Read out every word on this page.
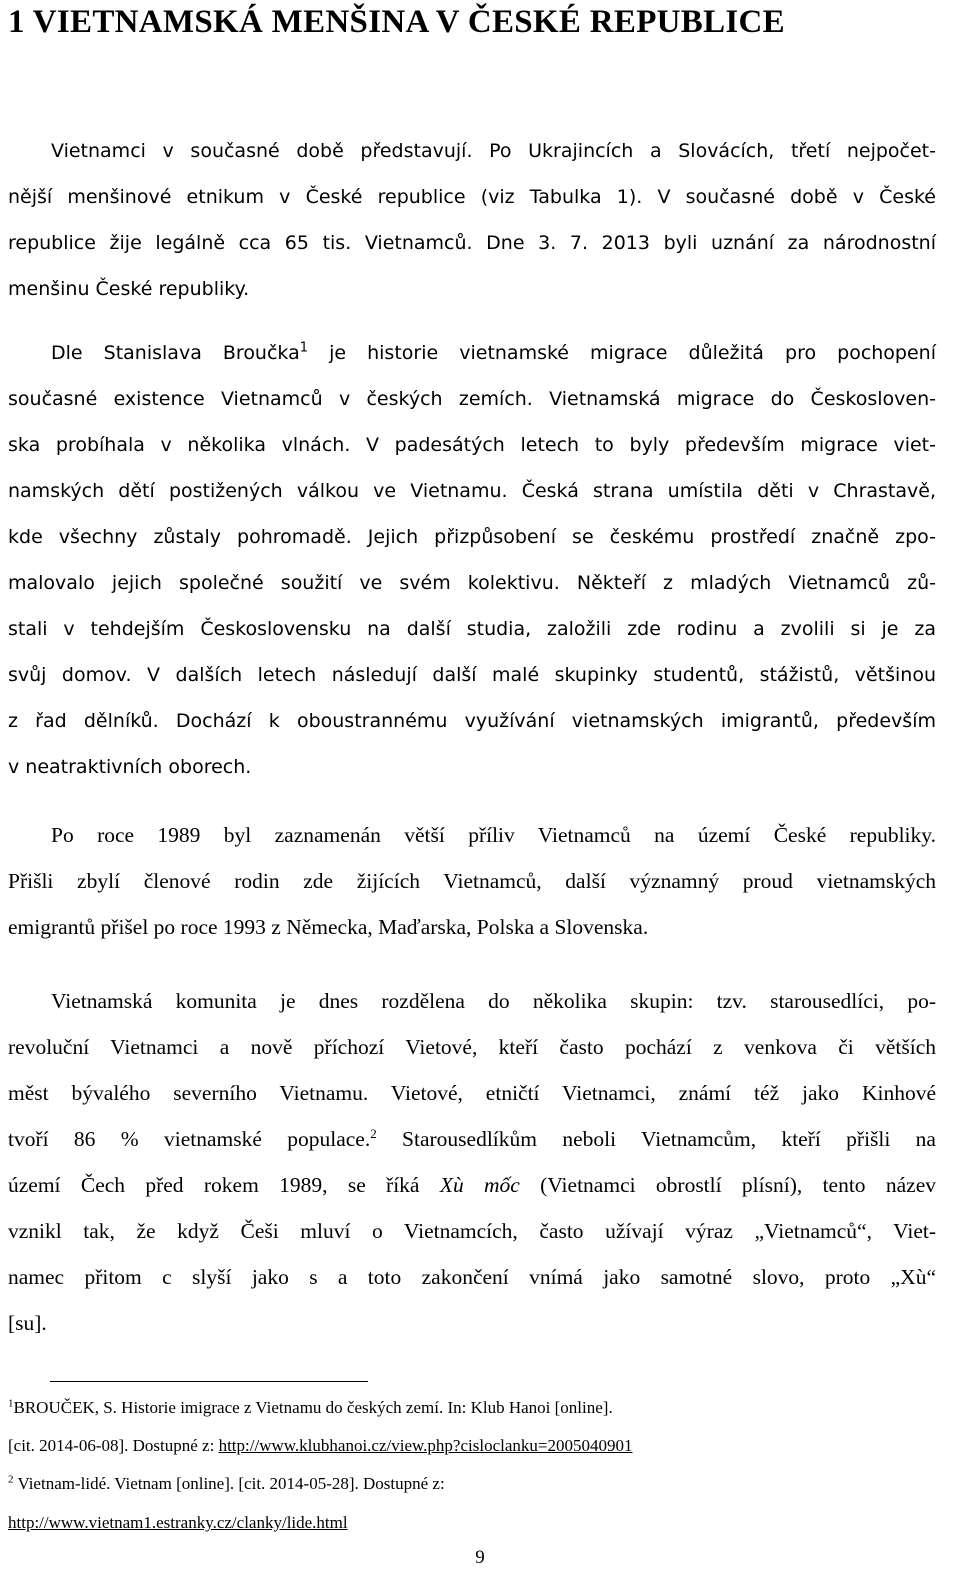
1 VIETNAMSKÁ MENŠINA V ČESKÉ REPUBLICE
Vietnamci v současné době představují. Po Ukrajincích a Slovácích, třetí nejpočet-
nější menšinové etnikum v České republice (viz Tabulka 1). V současné době v České
republice žije legálně cca 65 tis. Vietnamců. Dne 3. 7. 2013 byli uznání za národnostní
menšinu České republiky.
Dle Stanislava Broučka$^1$ je historie vietnamské migrace důležitá pro pochopení
současné existence Vietnamců v českých zemích. Vietnamská migrace do Českosloven-
ska probíhala v několika vlnách. V padesátých letech to byly především migrace viet-
namských dětí postižených válkou ve Vietnamu. Česká strana umístila děti v Chrastavě,
kde všechny zůstaly pohromadě. Jejich přizpůsobení se českému prostředí značně zpo-
malovalo jejich společné soužití ve svém kolektivu. Někteří z mladých Vietnamců zů-
stali v tehdejším Československu na další studia, založili zde rodinu a zvolili si je za
svůj domov. V dalších letech následují další malé skupinky studentů, stážistů, většinou
z řad dělníků. Dochází k oboustrannému využívání vietnamských imigrantů, především
v neatraktivních oborech.
Po roce 1989 byl zaznamenán větší příliv Vietnamců na území České republiky.
Přišli zbylí členové rodin zde žijících Vietnamců, další významný proud vietnamských
emigrantů přišel po roce 1993 z Německa, Maďarska, Polska a Slovenska.
Vietnamská komunita je dnes rozdělena do několika skupin: tzv. starousedlíci, po-
revoluční Vietnamci a nově příchozí Vietové, kteří často pochází z venkova či větších
měst bývalého severního Vietnamu. Vietové, etničtí Vietnamci, známí též jako Kinhové
tvoří 86 % vietnamské populace.$^2$ Starousedlíkům neboli Vietnamcům, kteří přišli na
území Čech před rokem 1989, se říká Xù mốc (Vietnamci obrostlí plísní), tento název
vznikl tak, že když Češi mluví o Vietnamcích, často užívají výraz „Vietnamců“, Viet-
namec přitom c slyší jako s a toto zakončení vnímá jako samotné slovo, proto „Xù“
[su].
$^1$BROUČEK, S. Historie imigrace z Vietnamu do českých zemí. In: Klub Hanoi [online].
[cit. 2014-06-08]. Dostupné z: http://www.klubhanoi.cz/view.php?cisloclanku=2005040901
$^2$ Vietnam-lidé. Vietnam [online]. [cit. 2014-05-28]. Dostupné z:
http://www.vietnam1.estranky.cz/clanky/lide.html
9
